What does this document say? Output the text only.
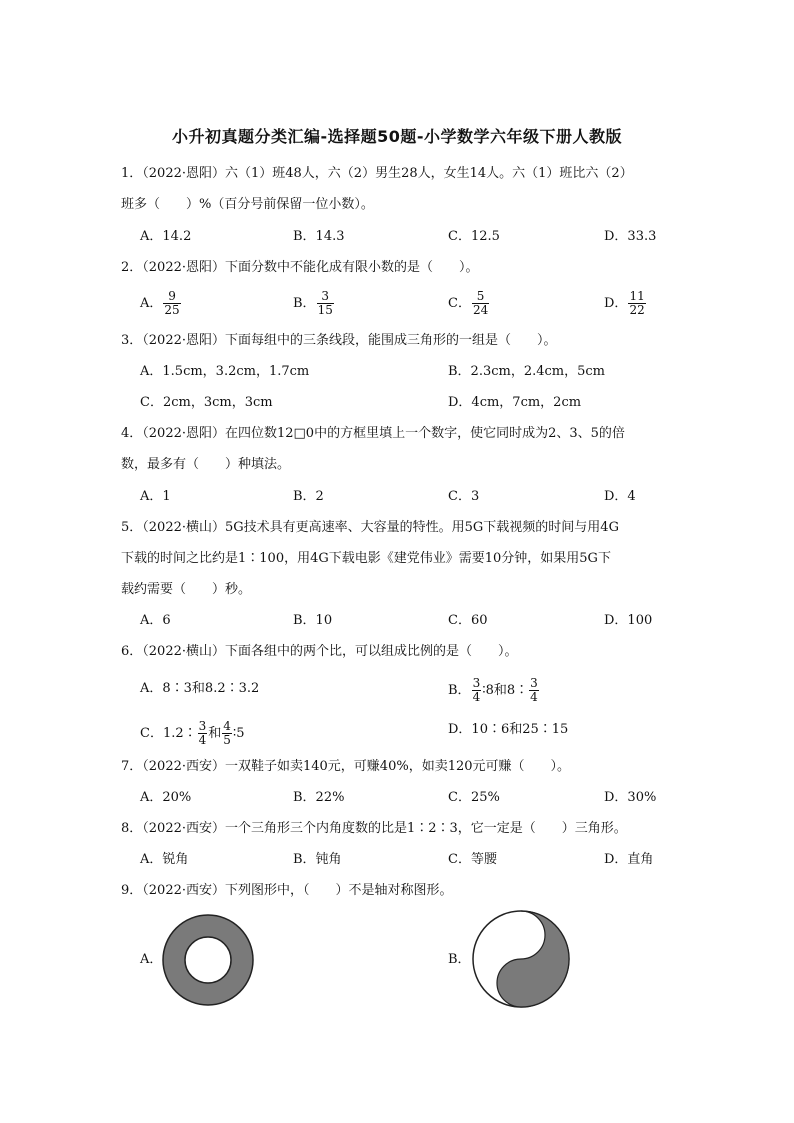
小升初真题分类汇编-选择题50题-小学数学六年级下册人教版
1．（2022·恩阳）六（1）班48人，六（2）男生28人，女生14人。六（1）班比六（2）
班多（　　）%（百分号前保留一位小数）。
A．14.2	B．14.3	C．12.5	D．33.3
2．（2022·恩阳）下面分数中不能化成有限小数的是（　　）。
A． $\frac{9}{25}$	B． $\frac{3}{15}$	C． $\frac{5}{24}$	D． $\frac{11}{22}$
3．（2022·恩阳）下面每组中的三条线段，能围成三角形的一组是（　　）。
A．1.5cm，3.2cm，1.7cm	B．2.3cm，2.4cm，5cm
C．2cm，3cm，3cm	D．4cm，7cm，2cm
4．（2022·恩阳）在四位数12□0中的方框里填上一个数字，使它同时成为2、3、5的倍
数，最多有（　　）种填法。
A．1	B．2	C．3	D．4
5．（2022·横山）5G技术具有更高速率、大容量的特性。用5G下载视频的时间与用4G
下载的时间之比约是1∶100，用4G下载电影《建党伟业》需要10分钟，如果用5G下
载约需要（　　）秒。
A．6	B．10	C．60	D．100
6．（2022·横山）下面各组中的两个比，可以组成比例的是（　　）。
A．8∶3和8.2∶3.2	B． $\frac{3}{4}$ ∶8和8∶ $\frac{3}{4}$
C．1.2∶ $\frac{3}{4}$ 和 $\frac{4}{5}$ ∶5	D．10∶6和25∶15
7．（2022·西安）一双鞋子如卖140元，可赚40%，如卖120元可赚（　　）。
A．20%	B．22%	C．25%	D．30%
8．（2022·西安）一个三角形三个内角度数的比是1∶2∶3，它一定是（　　）三角形。
A．锐角	B．钝角	C．等腰	D．直角
9．（2022·西安）下列图形中，（　　）不是轴对称图形。
A．	B．
